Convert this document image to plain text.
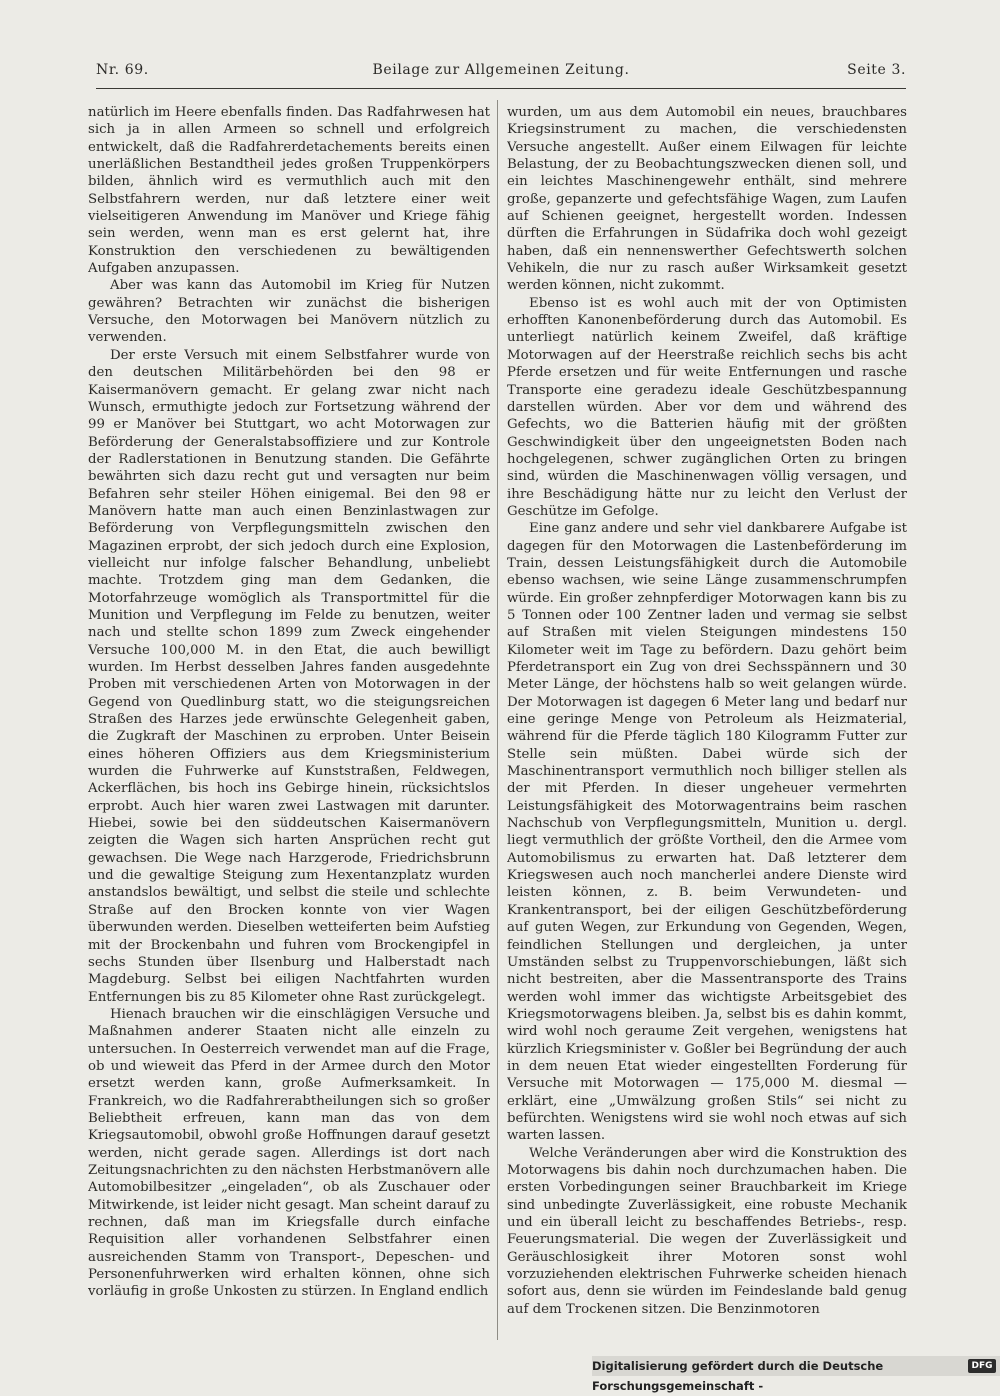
Nr. 69.	Beilage zur Allgemeinen Zeitung.	Seite 3.

natürlich im Heere ebenfalls finden. Das Radfahrwesen hat sich ja in allen Armeen so schnell und erfolgreich entwickelt, daß die Radfahrerdetachements bereits einen unerläßlichen Bestandtheil jedes großen Truppenkörpers bilden, ähnlich wird es vermuthlich auch mit den Selbstfahrern werden, nur daß letztere einer weit vielseitigeren Anwendung im Manöver und Kriege fähig sein werden, wenn man es erst gelernt hat, ihre Konstruktion den verschiedenen zu bewältigenden Aufgaben anzupassen.

Aber was kann das Automobil im Krieg für Nutzen gewähren? Betrachten wir zunächst die bisherigen Versuche, den Motorwagen bei Manövern nützlich zu verwenden.

Der erste Versuch mit einem Selbstfahrer wurde von den deutschen Militärbehörden bei den 98 er Kaisermanövern gemacht. Er gelang zwar nicht nach Wunsch, ermuthigte jedoch zur Fortsetzung während der 99 er Manöver bei Stuttgart, wo acht Motorwagen zur Beförderung der Generalstabsoffiziere und zur Kontrole der Radlerstationen in Benutzung standen. Die Gefährte bewährten sich dazu recht gut und versagten nur beim Befahren sehr steiler Höhen einigemal. Bei den 98 er Manövern hatte man auch einen Benzinlastwagen zur Beförderung von Verpflegungsmitteln zwischen den Magazinen erprobt, der sich jedoch durch eine Explosion, vielleicht nur infolge falscher Behandlung, unbeliebt machte. Trotzdem ging man dem Gedanken, die Motorfahrzeuge womöglich als Transportmittel für die Munition und Verpflegung im Felde zu benutzen, weiter nach und stellte schon 1899 zum Zweck eingehender Versuche 100,000 M. in den Etat, die auch bewilligt wurden. Im Herbst desselben Jahres fanden ausgedehnte Proben mit verschiedenen Arten von Motorwagen in der Gegend von Quedlinburg statt, wo die steigungsreichen Straßen des Harzes jede erwünschte Gelegenheit gaben, die Zugkraft der Maschinen zu erproben. Unter Beisein eines höheren Offiziers aus dem Kriegsministerium wurden die Fuhrwerke auf Kunststraßen, Feldwegen, Ackerflächen, bis hoch ins Gebirge hinein, rücksichtslos erprobt. Auch hier waren zwei Lastwagen mit darunter. Hiebei, sowie bei den süddeutschen Kaisermanövern zeigten die Wagen sich harten Ansprüchen recht gut gewachsen. Die Wege nach Harzgerode, Friedrichsbrunn und die gewaltige Steigung zum Hexentanzplatz wurden anstandslos bewältigt, und selbst die steile und schlechte Straße auf den Brocken konnte von vier Wagen überwunden werden. Dieselben wetteiferten beim Aufstieg mit der Brockenbahn und fuhren vom Brockengipfel in sechs Stunden über Ilsenburg und Halberstadt nach Magdeburg. Selbst bei eiligen Nachtfahrten wurden Entfernungen bis zu 85 Kilometer ohne Rast zurückgelegt.

Hienach brauchen wir die einschlägigen Versuche und Maßnahmen anderer Staaten nicht alle einzeln zu untersuchen. In Oesterreich verwendet man auf die Frage, ob und wieweit das Pferd in der Armee durch den Motor ersetzt werden kann, große Aufmerksamkeit. In Frankreich, wo die Radfahrerabtheilungen sich so großer Beliebtheit erfreuen, kann man das von dem Kriegsautomobil, obwohl große Hoffnungen darauf gesetzt werden, nicht gerade sagen. Allerdings ist dort nach Zeitungsnachrichten zu den nächsten Herbstmanövern alle Automobilbesitzer „eingeladen“, ob als Zuschauer oder Mitwirkende, ist leider nicht gesagt. Man scheint darauf zu rechnen, daß man im Kriegsfalle durch einfache Requisition aller vorhandenen Selbstfahrer einen ausreichenden Stamm von Transport-, Depeschen- und Personenfuhrwerken wird erhalten können, ohne sich vorläufig in große Unkosten zu stürzen. In England endlich

wurden, um aus dem Automobil ein neues, brauchbares Kriegsinstrument zu machen, die verschiedensten Versuche angestellt. Außer einem Eilwagen für leichte Belastung, der zu Beobachtungszwecken dienen soll, und ein leichtes Maschinengewehr enthält, sind mehrere große, gepanzerte und gefechtsfähige Wagen, zum Laufen auf Schienen geeignet, hergestellt worden. Indessen dürften die Erfahrungen in Südafrika doch wohl gezeigt haben, daß ein nennenswerther Gefechtswerth solchen Vehikeln, die nur zu rasch außer Wirksamkeit gesetzt werden können, nicht zukommt.

Ebenso ist es wohl auch mit der von Optimisten erhofften Kanonenbeförderung durch das Automobil. Es unterliegt natürlich keinem Zweifel, daß kräftige Motorwagen auf der Heerstraße reichlich sechs bis acht Pferde ersetzen und für weite Entfernungen und rasche Transporte eine geradezu ideale Geschützbespannung darstellen würden. Aber vor dem und während des Gefechts, wo die Batterien häufig mit der größten Geschwindigkeit über den ungeeignetsten Boden nach hochgelegenen, schwer zugänglichen Orten zu bringen sind, würden die Maschinenwagen völlig versagen, und ihre Beschädigung hätte nur zu leicht den Verlust der Geschütze im Gefolge.

Eine ganz andere und sehr viel dankbarere Aufgabe ist dagegen für den Motorwagen die Lastenbeförderung im Train, dessen Leistungsfähigkeit durch die Automobile ebenso wachsen, wie seine Länge zusammenschrumpfen würde. Ein großer zehnpferdiger Motorwagen kann bis zu 5 Tonnen oder 100 Zentner laden und vermag sie selbst auf Straßen mit vielen Steigungen mindestens 150 Kilometer weit im Tage zu befördern. Dazu gehört beim Pferdetransport ein Zug von drei Sechsspännern und 30 Meter Länge, der höchstens halb so weit gelangen würde. Der Motorwagen ist dagegen 6 Meter lang und bedarf nur eine geringe Menge von Petroleum als Heizmaterial, während für die Pferde täglich 180 Kilogramm Futter zur Stelle sein müßten. Dabei würde sich der Maschinentransport vermuthlich noch billiger stellen als der mit Pferden. In dieser ungeheuer vermehrten Leistungsfähigkeit des Motorwagentrains beim raschen Nachschub von Verpflegungsmitteln, Munition u. dergl. liegt vermuthlich der größte Vortheil, den die Armee vom Automobilismus zu erwarten hat. Daß letzterer dem Kriegswesen auch noch mancherlei andere Dienste wird leisten können, z. B. beim Verwundeten- und Krankentransport, bei der eiligen Geschützbeförderung auf guten Wegen, zur Erkundung von Gegenden, Wegen, feindlichen Stellungen und dergleichen, ja unter Umständen selbst zu Truppenvorschiebungen, läßt sich nicht bestreiten, aber die Massentransporte des Trains werden wohl immer das wichtigste Arbeitsgebiet des Kriegsmotorwagens bleiben. Ja, selbst bis es dahin kommt, wird wohl noch geraume Zeit vergehen, wenigstens hat kürzlich Kriegsminister v. Goßler bei Begründung der auch in dem neuen Etat wieder eingestellten Forderung für Versuche mit Motorwagen — 175,000 M. diesmal — erklärt, eine „Umwälzung großen Stils“ sei nicht zu befürchten. Wenigstens wird sie wohl noch etwas auf sich warten lassen.

Welche Veränderungen aber wird die Konstruktion des Motorwagens bis dahin noch durchzumachen haben. Die ersten Vorbedingungen seiner Brauchbarkeit im Kriege sind unbedingte Zuverlässigkeit, eine robuste Mechanik und ein überall leicht zu beschaffendes Betriebs-, resp. Feuerungsmaterial. Die wegen der Zuverlässigkeit und Geräuschlosigkeit ihrer Motoren sonst wohl vorzuziehenden elektrischen Fuhrwerke scheiden hienach sofort aus, denn sie würden im Feindeslande bald genug auf dem Trockenen sitzen. Die Benzinmotoren

Digitalisierung gefördert durch die Deutsche Forschungsgemeinschaft -
DFG
